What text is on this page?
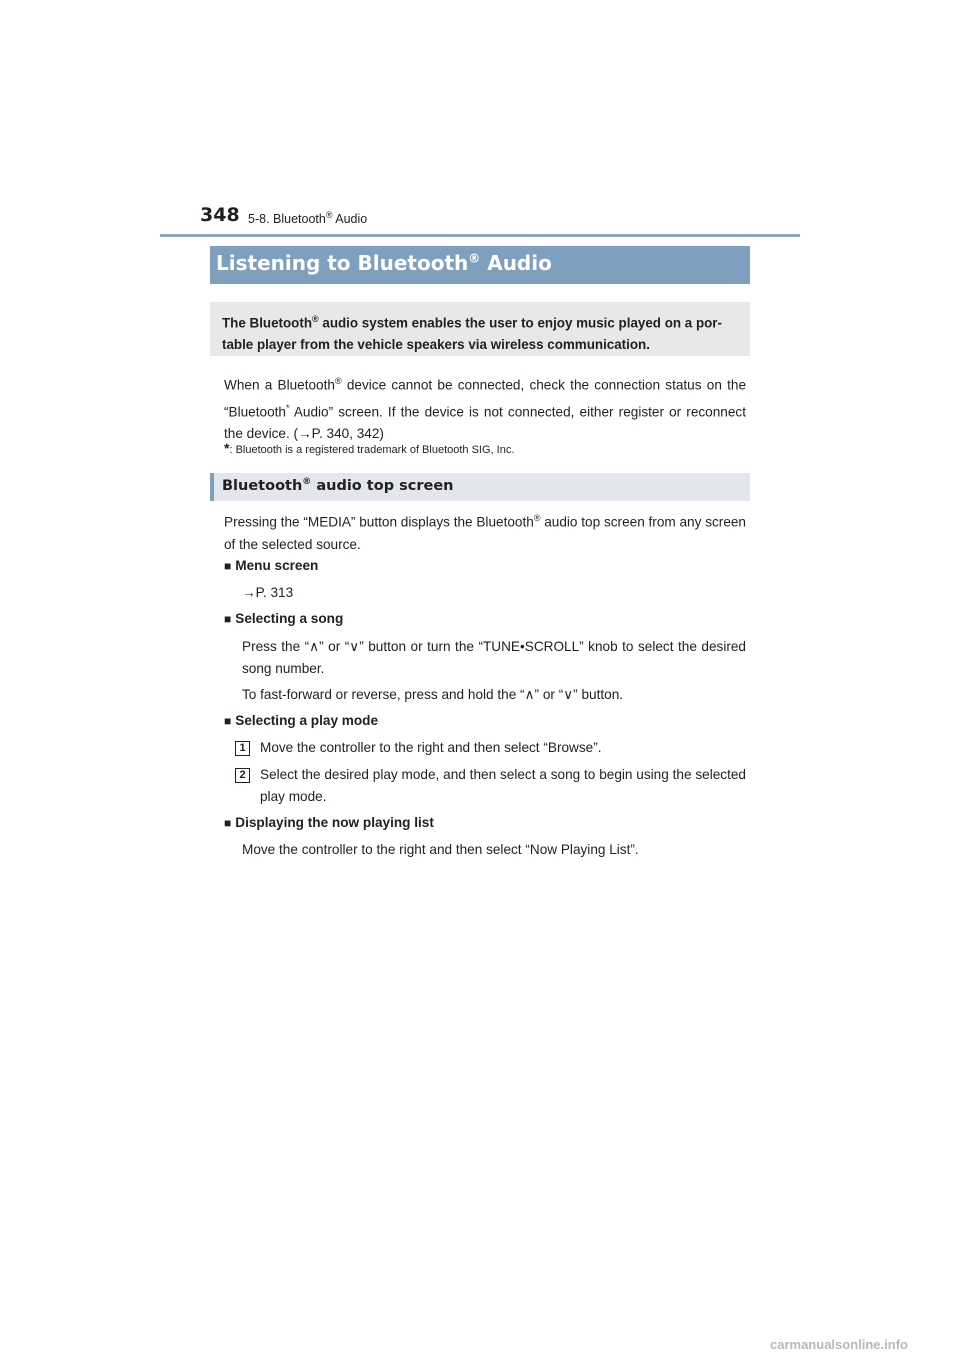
348 5-8. Bluetooth® Audio
Listening to Bluetooth® Audio

The Bluetooth® audio system enables the user to enjoy music played on a por-table player from the vehicle speakers via wireless communication.

When a Bluetooth® device cannot be connected, check the connection status on the “Bluetooth* Audio” screen. If the device is not connected, either register or reconnect the device. (→P. 340, 342)

*: Bluetooth is a registered trademark of Bluetooth SIG, Inc.
Bluetooth® audio top screen

Pressing the “MEDIA” button displays the Bluetooth® audio top screen from any screen of the selected source.

■ Menu screen

→P. 313

■ Selecting a song

Press the “∧” or “∨” button or turn the “TUNE•SCROLL” knob to select the desired song number.

To fast-forward or reverse, press and hold the “∧” or “∨” button.

■ Selecting a play mode
1	Move the controller to the right and then select “Browse”.

2	Select the desired play mode, and then select a song to begin using the selected play mode.

■ Displaying the now playing list

Move the controller to the right and then select “Now Playing List”.

carmanualsonline.info
